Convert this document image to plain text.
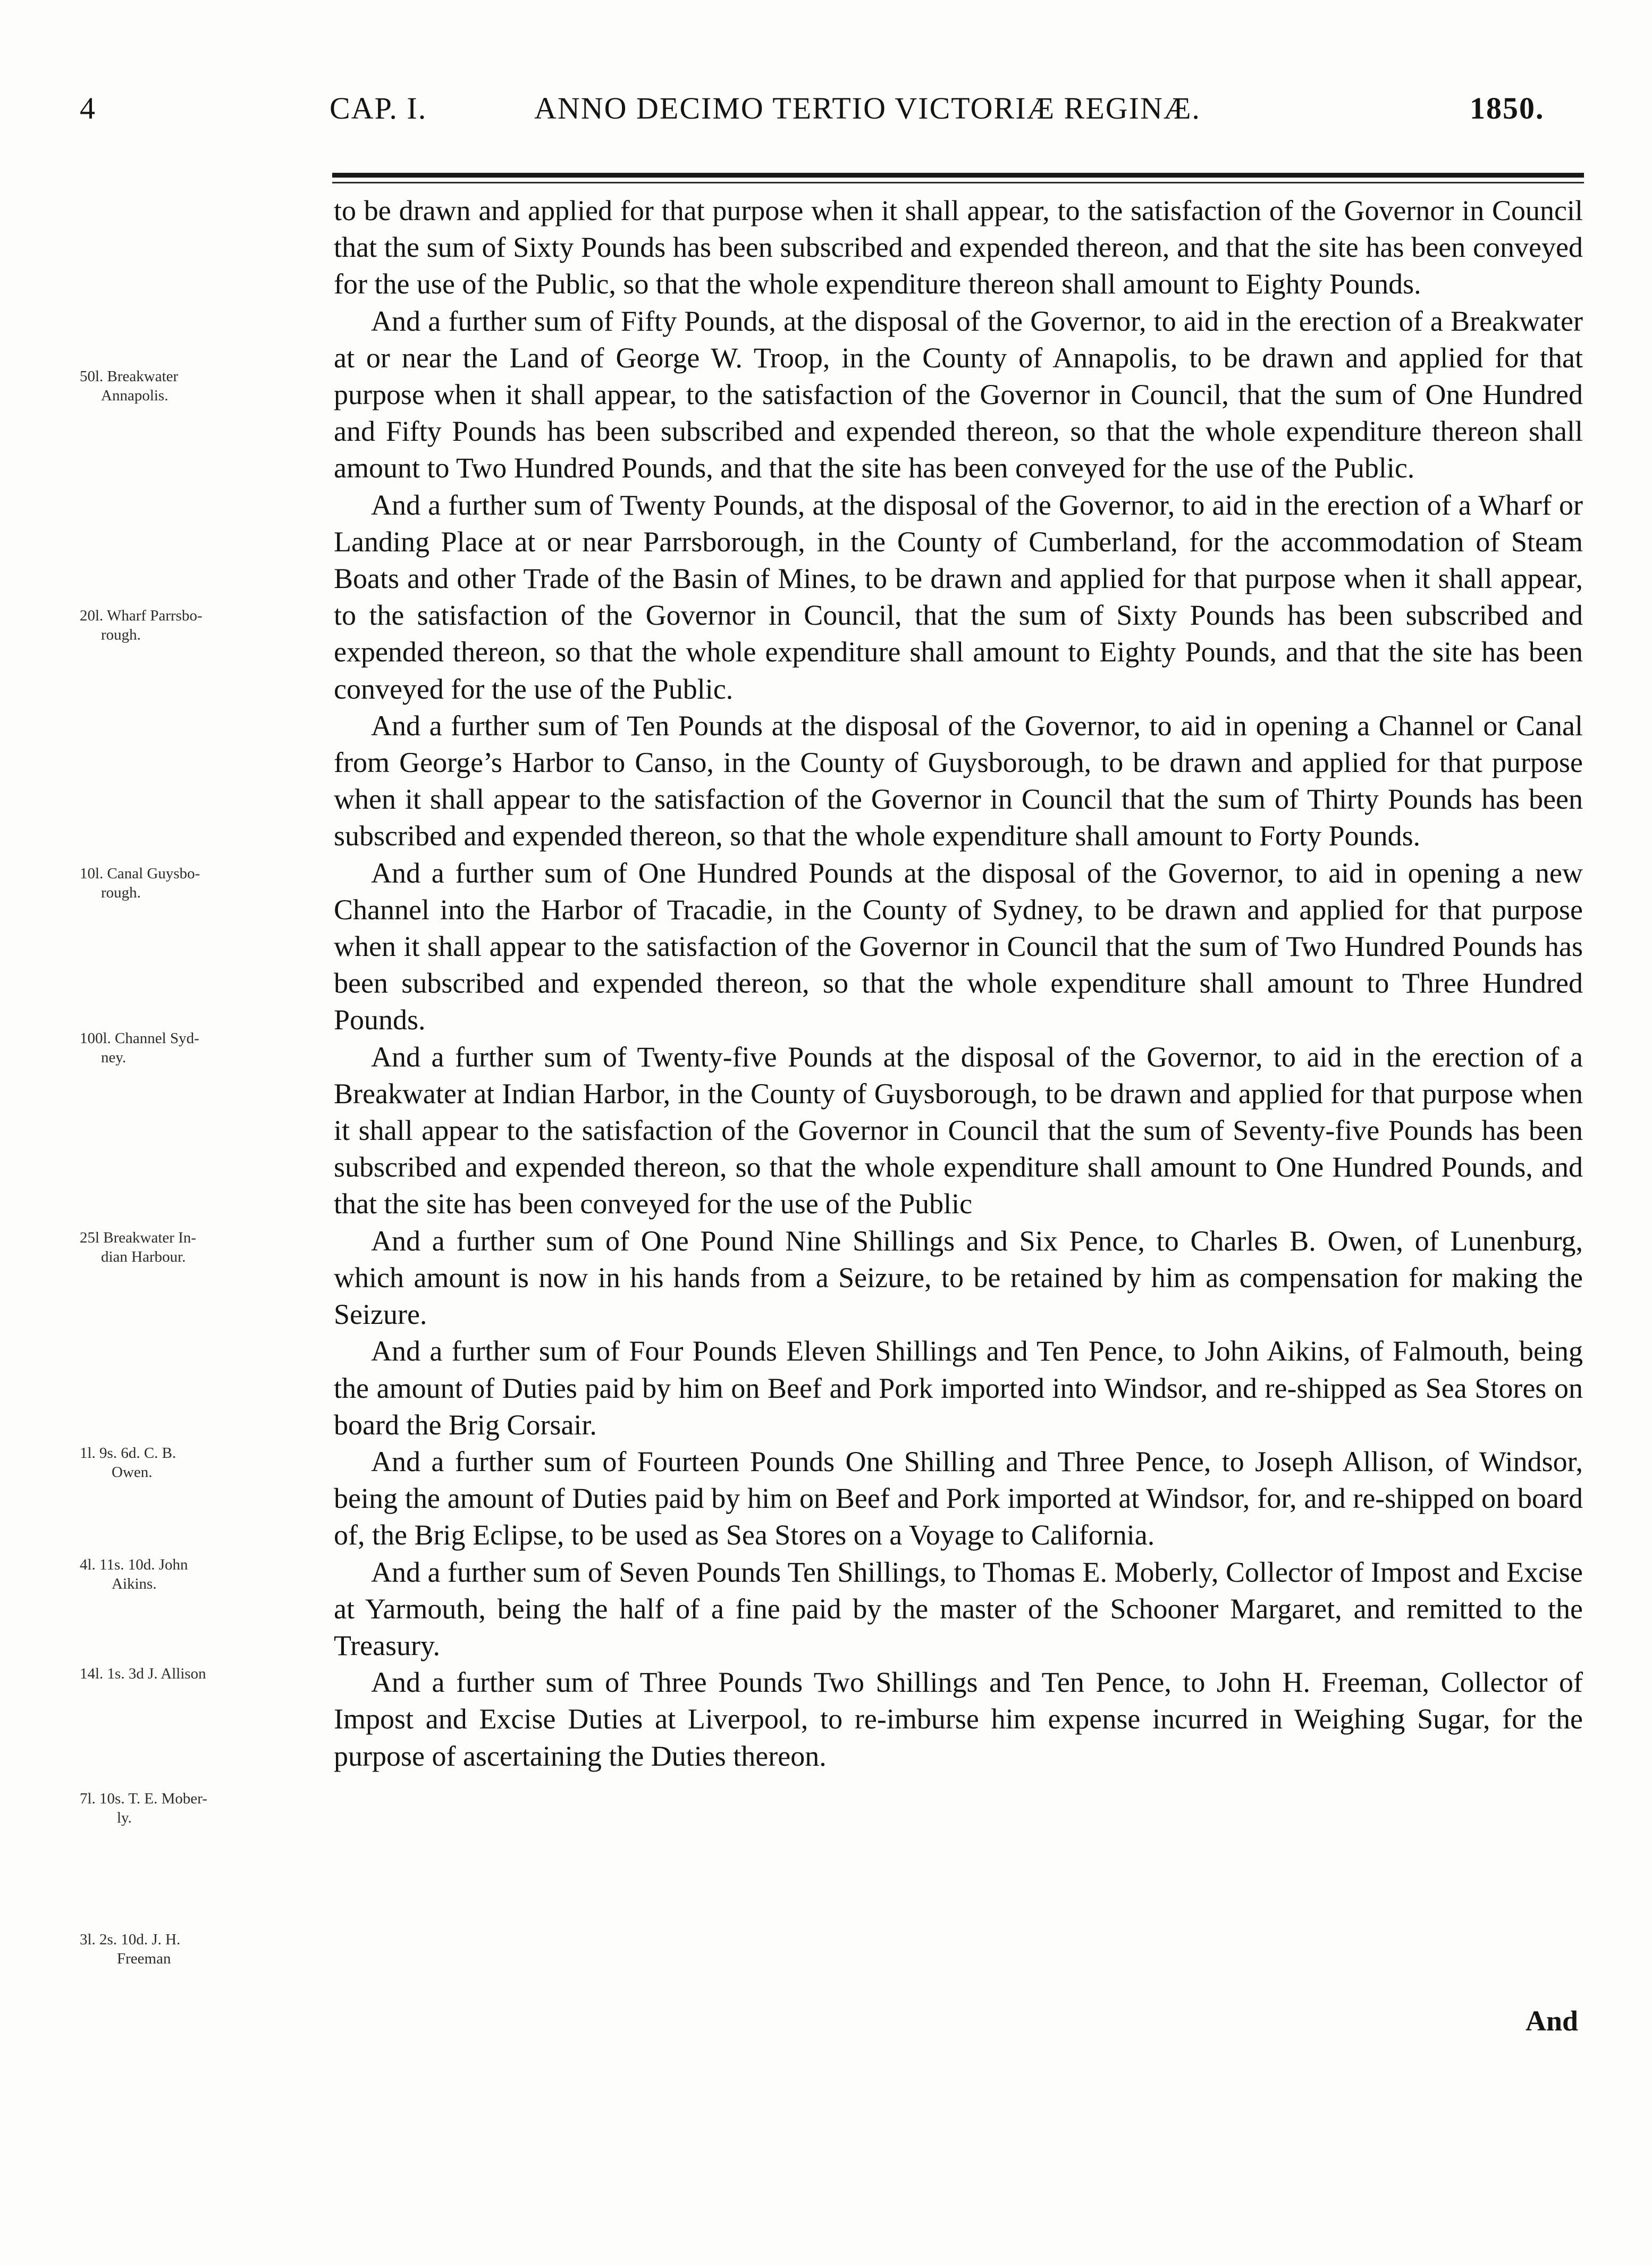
4	CAP. I.	ANNO DECIMO TERTIO VICTORIÆ REGINÆ.	1850.

to be drawn and applied for that purpose when it shall appear, to the satisfaction of the Governor in Council that the sum of Sixty Pounds has been subscribed and expended thereon, and that the site has been conveyed for the use of the Public, so that the whole expenditure thereon shall amount to Eighty Pounds.

And a further sum of Fifty Pounds, at the disposal of the Governor, to aid in the erection of a Breakwater at or near the Land of George W. Troop, in the County of Annapolis, to be drawn and applied for that purpose when it shall appear, to the satisfaction of the Governor in Council, that the sum of One Hundred and Fifty Pounds has been subscribed and expended thereon, so that the whole expenditure thereon shall amount to Two Hundred Pounds, and that the site has been conveyed for the use of the Public.

And a further sum of Twenty Pounds, at the disposal of the Governor, to aid in the erection of a Wharf or Landing Place at or near Parrsborough, in the County of Cumberland, for the accommodation of Steam Boats and other Trade of the Basin of Mines, to be drawn and applied for that purpose when it shall appear, to the satisfaction of the Governor in Council, that the sum of Sixty Pounds has been subscribed and expended thereon, so that the whole expenditure shall amount to Eighty Pounds, and that the site has been conveyed for the use of the Public.

And a further sum of Ten Pounds at the disposal of the Governor, to aid in opening a Channel or Canal from George’s Harbor to Canso, in the County of Guysborough, to be drawn and applied for that purpose when it shall appear to the satisfaction of the Governor in Council that the sum of Thirty Pounds has been subscribed and expended thereon, so that the whole expenditure shall amount to Forty Pounds.

And a further sum of One Hundred Pounds at the disposal of the Governor, to aid in opening a new Channel into the Harbor of Tracadie, in the County of Sydney, to be drawn and applied for that purpose when it shall appear to the satisfaction of the Governor in Council that the sum of Two Hundred Pounds has been subscribed and expended thereon, so that the whole expenditure shall amount to Three Hundred Pounds.

And a further sum of Twenty-five Pounds at the disposal of the Governor, to aid in the erection of a Breakwater at Indian Harbor, in the County of Guysborough, to be drawn and applied for that purpose when it shall appear to the satisfaction of the Governor in Council that the sum of Seventy-five Pounds has been subscribed and expended thereon, so that the whole expenditure shall amount to One Hundred Pounds, and that the site has been conveyed for the use of the Public

And a further sum of One Pound Nine Shillings and Six Pence, to Charles B. Owen, of Lunenburg, which amount is now in his hands from a Seizure, to be retained by him as compensation for making the Seizure.

And a further sum of Four Pounds Eleven Shillings and Ten Pence, to John Aikins, of Falmouth, being the amount of Duties paid by him on Beef and Pork imported into Windsor, and re-shipped as Sea Stores on board the Brig Corsair.

And a further sum of Fourteen Pounds One Shilling and Three Pence, to Joseph Allison, of Windsor, being the amount of Duties paid by him on Beef and Pork imported at Windsor, for, and re-shipped on board of, the Brig Eclipse, to be used as Sea Stores on a Voyage to California.

And a further sum of Seven Pounds Ten Shillings, to Thomas E. Moberly, Collector of Impost and Excise at Yarmouth, being the half of a fine paid by the master of the Schooner Margaret, and remitted to the Treasury.

And a further sum of Three Pounds Two Shillings and Ten Pence, to John H. Freeman, Collector of Impost and Excise Duties at Liverpool, to re-imburse him expense incurred in Weighing Sugar, for the purpose of ascertaining the Duties thereon.

And
50l. Breakwater
Annapolis.
20l. Wharf Parrsbo-
rough.
10l. Canal Guysbo-
rough.
100l. Channel Syd-
ney.
25l Breakwater In-
dian Harbour.
1l. 9s. 6d. C. B.
Owen.
4l. 11s. 10d. John
Aikins.
14l. 1s. 3d J. Allison
7l. 10s. T. E. Mober-
ly.
3l. 2s. 10d. J. H.
Freeman
